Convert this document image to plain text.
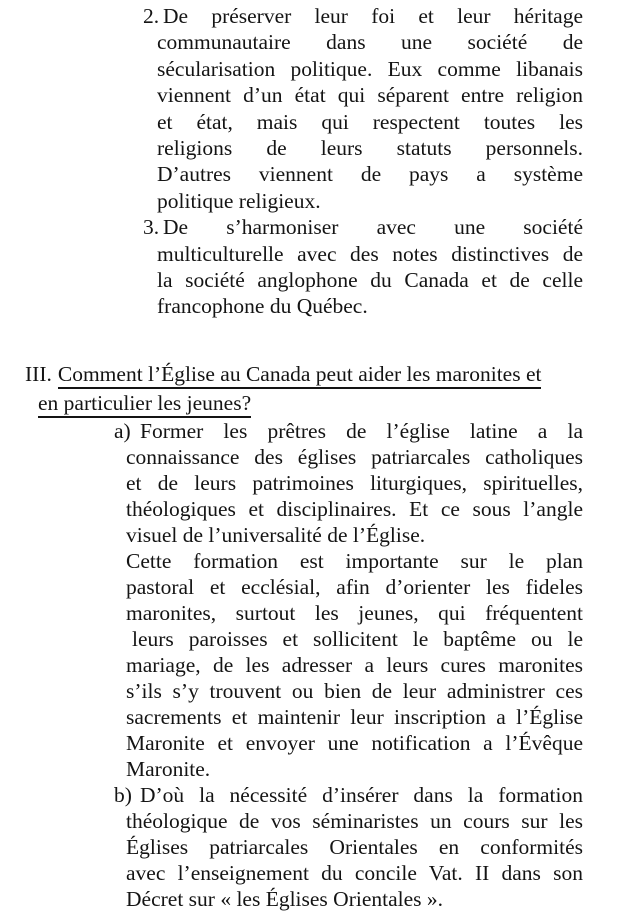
2. De préserver leur foi et leur héritage
communautaire dans une société de
sécularisation politique. Eux comme libanais
viennent d’un état qui séparent entre religion
et état, mais qui respectent toutes les
religions de leurs statuts personnels.
D’autres viennent de pays a système
politique religieux.
3. De s’harmoniser avec une société
multiculturelle avec des notes distinctives de
la société anglophone du Canada et de celle
francophone du Québec.
III. Comment l’Église au Canada peut aider les maronites et
en particulier les jeunes?
a) Former les prêtres de l’église latine a la
connaissance des églises patriarcales catholiques
et de leurs patrimoines liturgiques, spirituelles,
théologiques et disciplinaires. Et ce sous l’angle
visuel de l’universalité de l’Église.
Cette formation est importante sur le plan
pastoral et ecclésial, afin d’orienter les fideles
maronites, surtout les jeunes, qui fréquentent
leurs paroisses et sollicitent le baptême ou le
mariage, de les adresser a leurs cures maronites
s’ils s’y trouvent ou bien de leur administrer ces
sacrements et maintenir leur inscription a l’Église
Maronite et envoyer une notification a l’Évêque
Maronite.
b) D’où la nécessité d’insérer dans la formation
théologique de vos séminaristes un cours sur les
Églises patriarcales Orientales en conformités
avec l’enseignement du concile Vat. II dans son
Décret sur « les Églises Orientales ».
